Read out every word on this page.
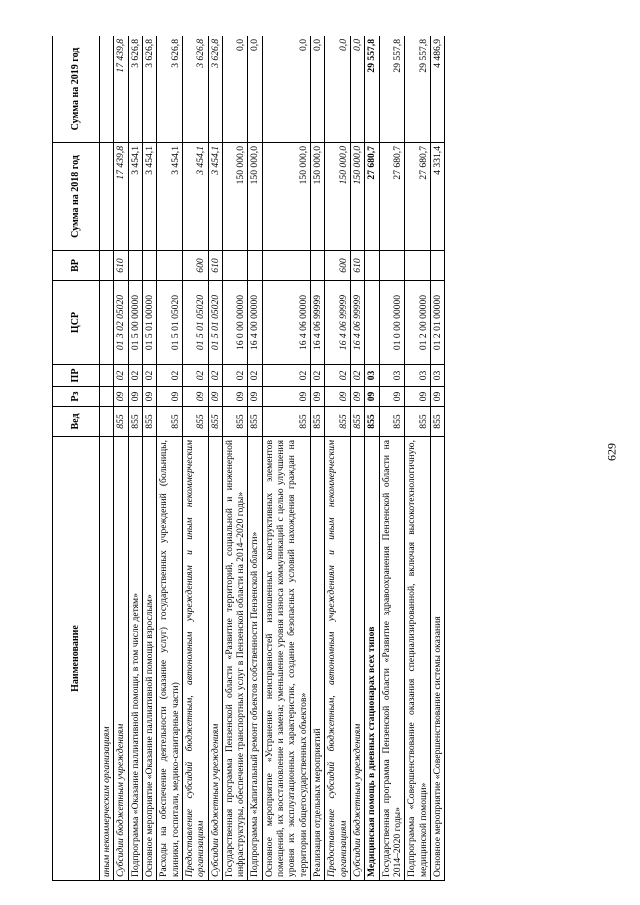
629
Наименование	Вед	Рз	ПР	ЦСР	ВР	Сумма на 2018 год	Сумма на 2019 год
иным некоммерческим организациям							
Субсидии бюджетным учреждениям	855	09	02	01 3 02 05020	610	17 439,8	17 439,8
Подпрограмма «Оказание паллиативной помощи, в том числе детям»	855	09	02	01 5 00 00000		3 454,1	3 626,8
Основное мероприятие «Оказание паллиативной помощи взрослым»	855	09	02	01 5 01 00000		3 454,1	3 626,8
Расходы на обеспечение деятельности (оказание услуг) государственных учреждений (больницы, клиники, госпитали, медико-санитарные части)	855	09	02	01 5 01 05020		3 454,1	3 626,8
Предоставление субсидий бюджетным, автономным учреждениям и иным некоммерческим организациям	855	09	02	01 5 01 05020	600	3 454,1	3 626,8
Субсидии бюджетным учреждениям	855	09	02	01 5 01 05020	610	3 454,1	3 626,8
Государственная программа Пензенской области «Развитие территорий, социальной и инженерной инфраструктуры, обеспечение транспортных услуг в Пензенской области на 2014–2020 годы»	855	09	02	16 0 00 00000		150 000,0	0,0
Подпрограмма «Капитальный ремонт объектов собственности Пензенской области»	855	09	02	16 4 00 00000		150 000,0	0,0
Основное мероприятие «Устранение неисправностей изношенных конструктивных элементов помещений, их восстановление и замена; уменьшение уровня износа коммуникаций с целью улучшения уровня их эксплуатационных характеристик, создание безопасных условий нахождения граждан на территории общегосударственных объектов»	855	09	02	16 4 06 00000		150 000,0	0,0
Реализация отдельных мероприятий	855	09	02	16 4 06 99999		150 000,0	0,0
Предоставление субсидий бюджетным, автономным учреждениям и иным некоммерческим организациям	855	09	02	16 4 06 99999	600	150 000,0	0,0
Субсидии бюджетным учреждениям	855	09	02	16 4 06 99999	610	150 000,0	0,0
Медицинская помощь в дневных стационарах всех типов	855	09	03			27 680,7	29 557,8
Государственная программа Пензенской области «Развитие здравоохранения Пензенской области на 2014–2020 годы»	855	09	03	01 0 00 00000		27 680,7	29 557,8
Подпрограмма «Совершенствование оказания специализированной, включая высокотехнологичную, медицинской помощи»	855	09	03	01 2 00 00000		27 680,7	29 557,8
Основное мероприятие «Совершенствование системы оказания	855	09	03	01 2 01 00000		4 331,4	4 486,9
